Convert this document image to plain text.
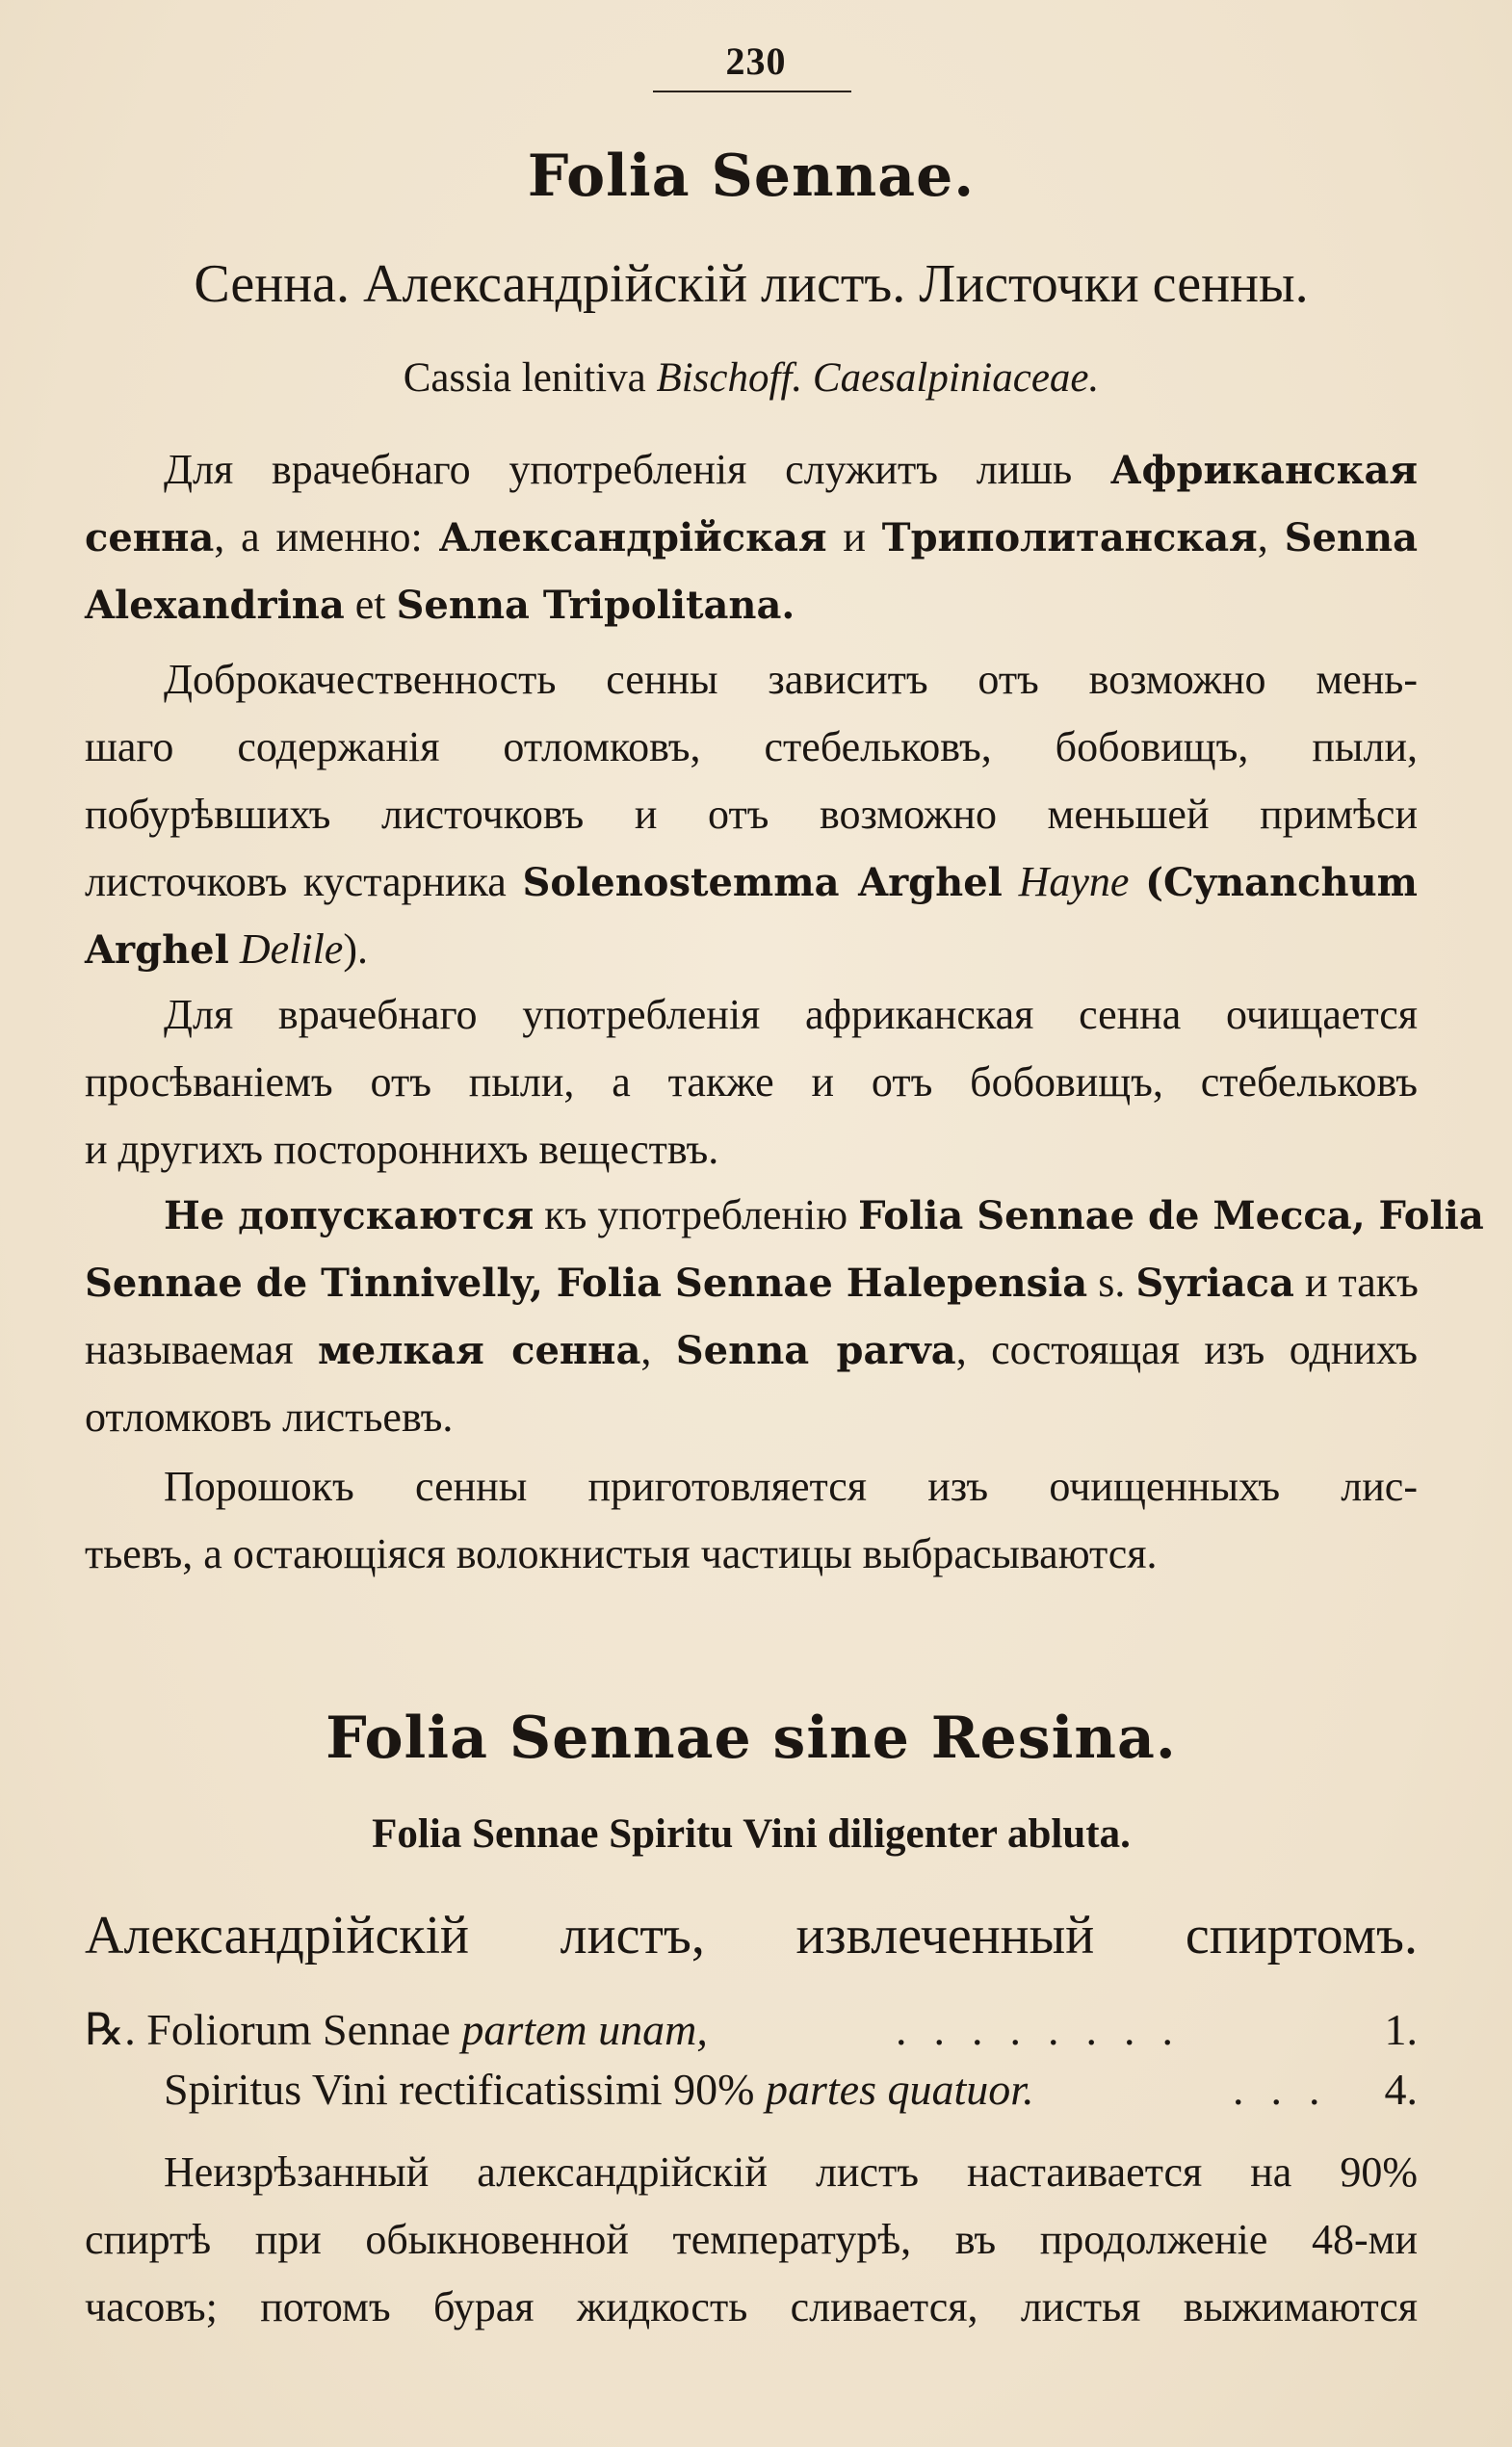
230
Folia Sennae.
Сенна. Александрійскій листъ. Листочки сенны.
Cassia lenitiva Bischoff. Caesalpiniaceae.
Для врачебнаго употребленія служитъ лишь Африканская
сенна, а именно: Александрійская и Триполитанская, Senna
Alexandrina et Senna Tripolitana.
Доброкачественность сенны зависитъ отъ возможно мень-
шаго содержанія отломковъ, стебельковъ, бобовищъ, пыли,
побурѣвшихъ листочковъ и отъ возможно меньшей примѣси
листочковъ кустарника Solenostemma Arghel Hayne (Cynanchum
Arghel Delile).
Для врачебнаго употребленія африканская сенна очищается
просѣваніемъ отъ пыли, а также и отъ бобовищъ, стебельковъ
и другихъ постороннихъ веществъ.
Не допускаются къ употребленію Folia Sennae de Mecca, Folia
Sennae de Tinnivelly, Folia Sennae Halepensia s. Syriaca и такъ
называемая мелкая сенна, Senna parva, состоящая изъ однихъ
отломковъ листьевъ.
Порошокъ сенны приготовляется изъ очищенныхъ лис-
тьевъ, а остающіяся волокнистыя частицы выбрасываются.
Folia Sennae sine Resina.
Folia Sennae Spiritu Vini diligenter abluta.
Александрійскій листъ, извлеченный спиртомъ.
℞. Foliorum Sennae partem unam,	........	1.
Spiritus Vini rectificatissimi 90% partes quatuor.	... 4.
Неизрѣзанный александрійскій листъ настаивается на 90%
спиртѣ при обыкновенной температурѣ, въ продолженіе 48-ми
часовъ; потомъ бурая жидкость сливается, листья выжимаются
